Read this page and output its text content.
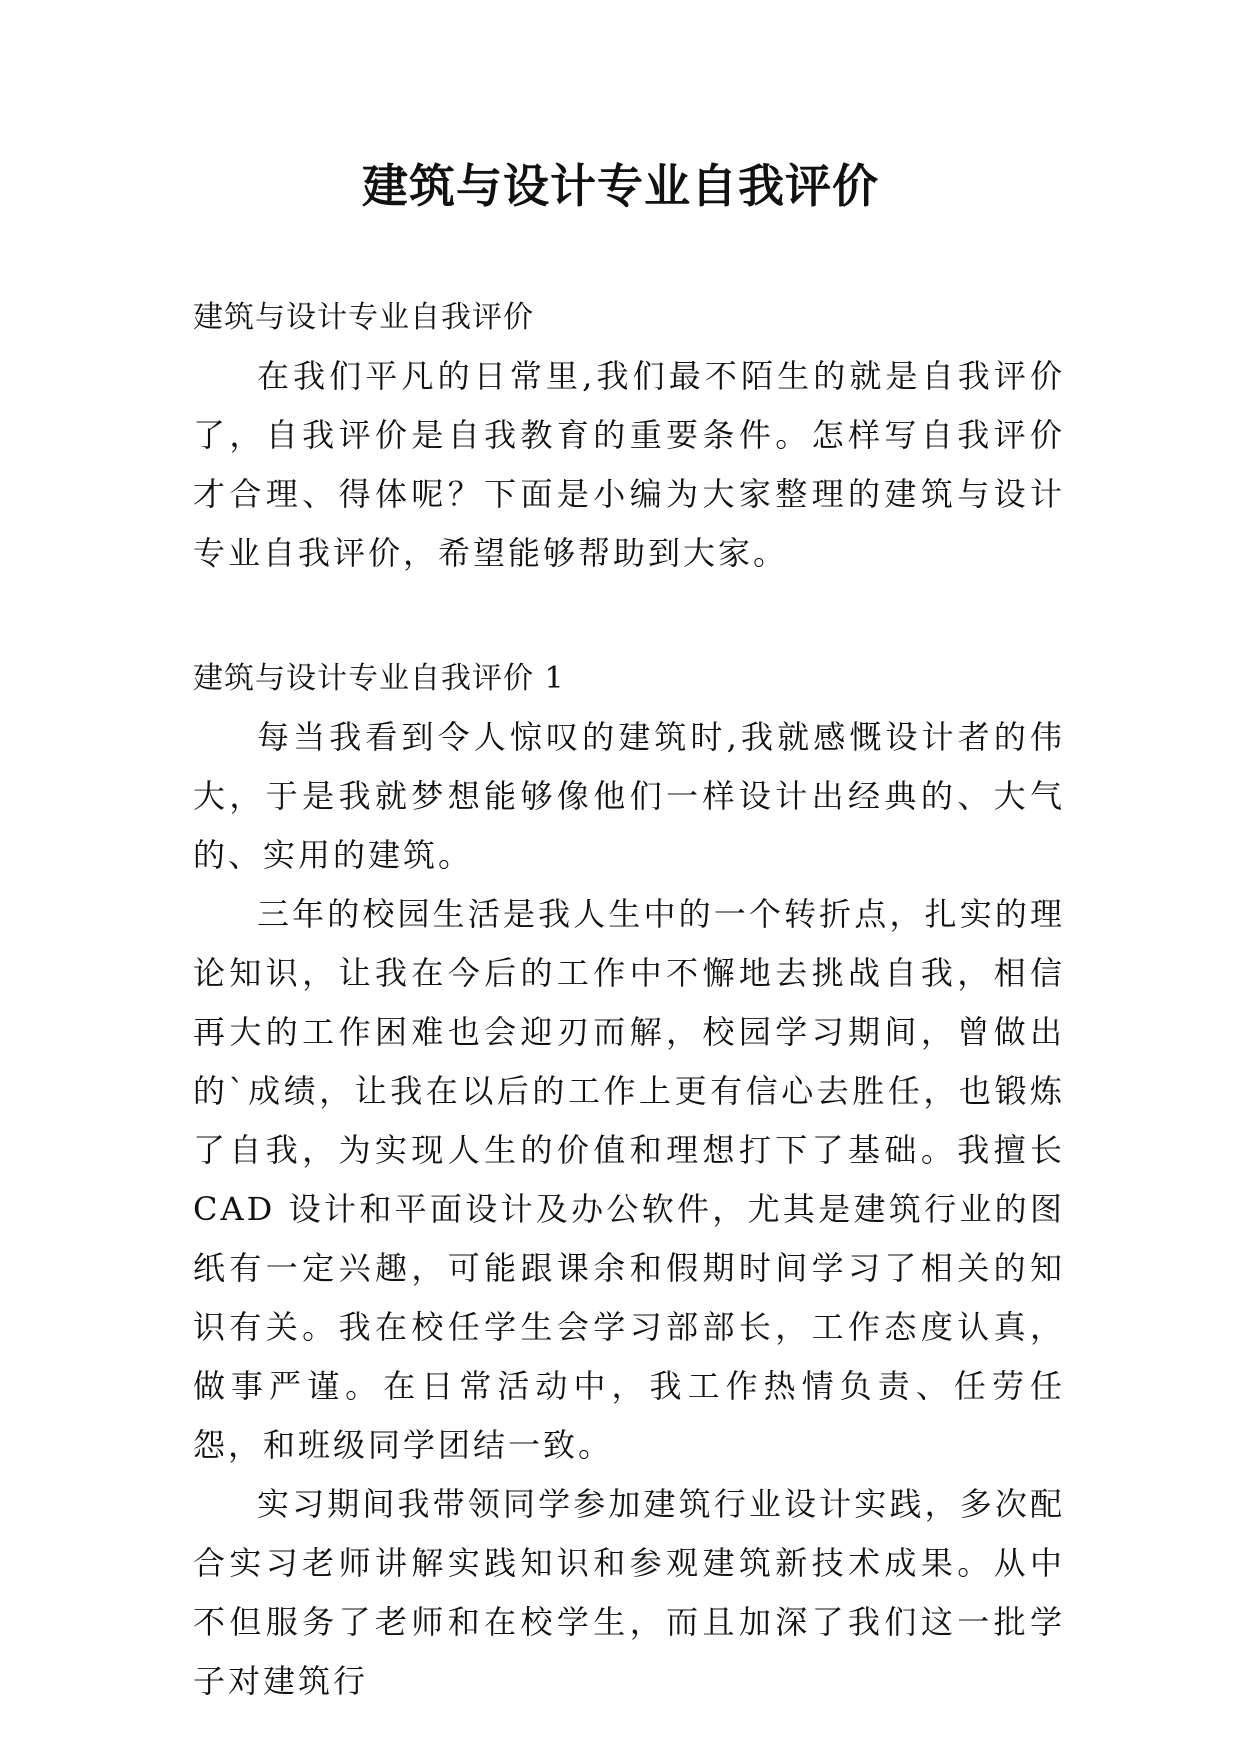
建筑与设计专业自我评价

建筑与设计专业自我评价

在我们平凡的日常里,我们最不陌生的就是自我评价了，自我评价是自我教育的重要条件。怎样写自我评价才合理、得体呢？下面是小编为大家整理的建筑与设计专业自我评价，希望能够帮助到大家。

建筑与设计专业自我评价 1

每当我看到令人惊叹的建筑时,我就感慨设计者的伟大，于是我就梦想能够像他们一样设计出经典的、大气的、实用的建筑。

三年的校园生活是我人生中的一个转折点，扎实的理论知识，让我在今后的工作中不懈地去挑战自我，相信再大的工作困难也会迎刃而解，校园学习期间，曾做出的`成绩，让我在以后的工作上更有信心去胜任，也锻炼了自我，为实现人生的价值和理想打下了基础。我擅长 CAD 设计和平面设计及办公软件，尤其是建筑行业的图纸有一定兴趣，可能跟课余和假期时间学习了相关的知识有关。我在校任学生会学习部部长，工作态度认真，做事严谨。在日常活动中，我工作热情负责、任劳任怨，和班级同学团结一致。

实习期间我带领同学参加建筑行业设计实践，多次配合实习老师讲解实践知识和参观建筑新技术成果。从中不但服务了老师和在校学生，而且加深了我们这一批学子对建筑行
